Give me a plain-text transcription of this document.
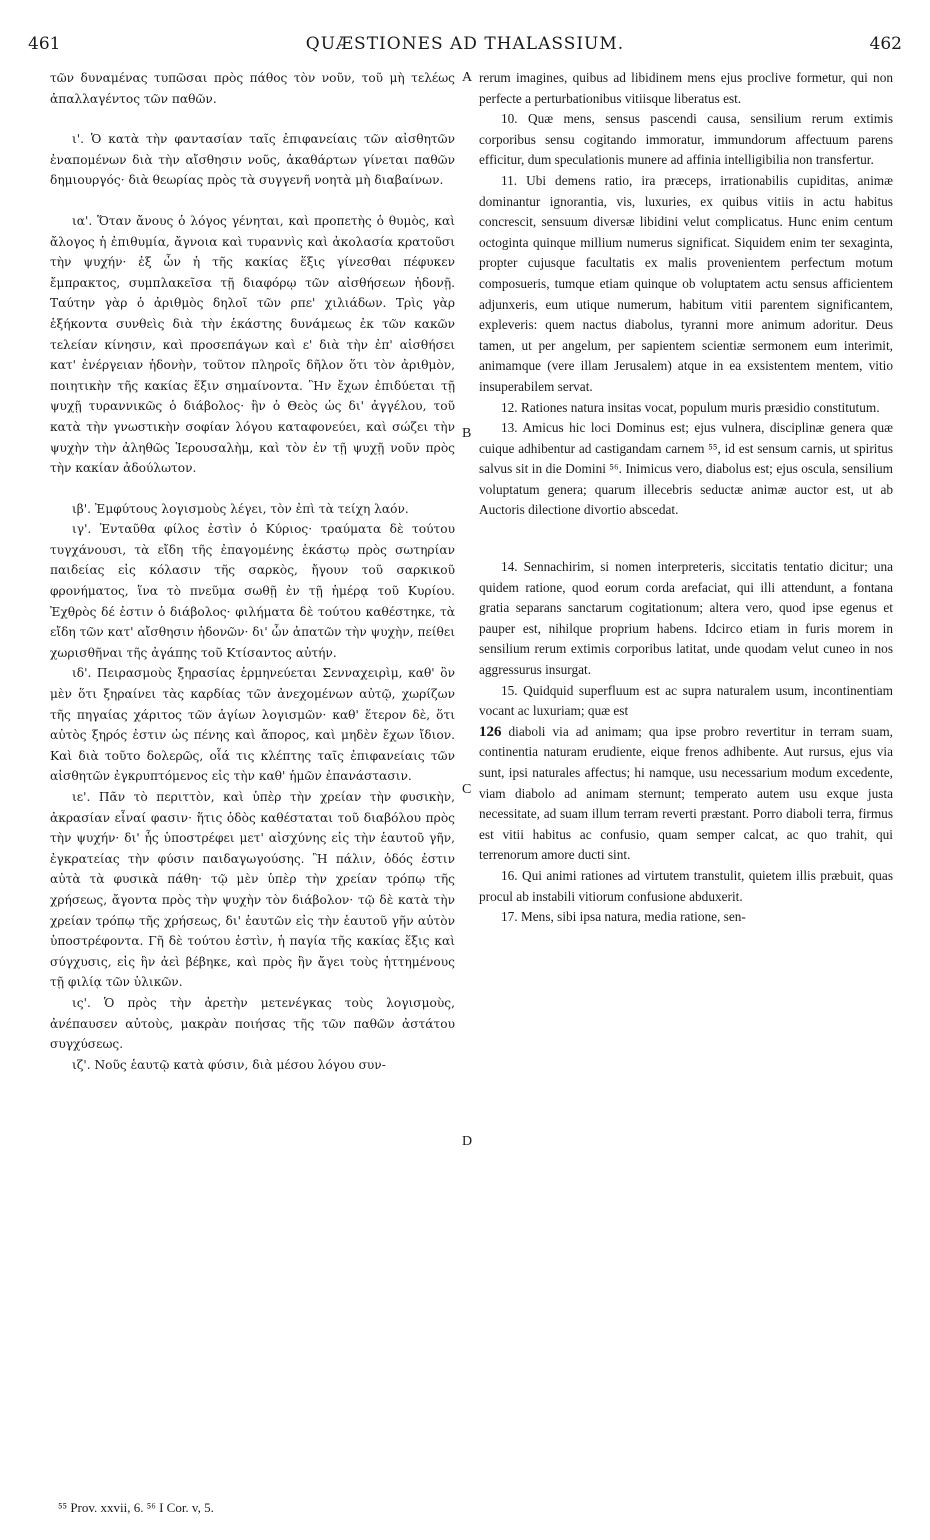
461	QUÆSTIONES AD THALASSIUM.	462
A
B
C
D

τῶν δυναμένας τυπῶσαι πρὸς πάθος τὸν νοῦν, τοῦ μὴ τελέως ἀπαλλαγέντος τῶν παθῶν.

ι'. Ὁ κατὰ τὴν φαντασίαν ταῖς ἐπιφανείαις τῶν αἰσθητῶν ἐναπομένων διὰ τὴν αἴσθησιν νοῦς, ἀκαθάρτων γίνεται παθῶν δημιουργός· διὰ θεωρίας πρὸς τὰ συγγενῆ νοητὰ μὴ διαβαίνων.

ια'. Ὅταν ἄνους ὁ λόγος γένηται, καὶ προπετὴς ὁ θυμὸς, καὶ ἄλογος ἡ ἐπιθυμία, ἄγνοια καὶ τυραννὶς καὶ ἀκολασία κρατοῦσι τὴν ψυχήν· ἐξ ὧν ἡ τῆς κακίας ἕξις γίνεσθαι πέφυκεν ἔμπρακτος, συμπλακεῖσα τῇ διαφόρῳ τῶν αἰσθήσεων ἡδονῇ. Ταύτην γὰρ ὁ ἀριθμὸς δηλοῖ τῶν ρπε' χιλιάδων. Τρὶς γὰρ ἑξήκοντα συνθεὶς διὰ τὴν ἑκάστης δυνάμεως ἐκ τῶν κακῶν τελείαν κίνησιν, καὶ προσεπάγων καὶ ε' διὰ τὴν ἐπ' αἰσθήσει κατ' ἐνέργειαν ἡδονὴν, τοῦτον πληροῖς δῆλον ὅτι τὸν ἀριθμὸν, ποιητικὴν τῆς κακίας ἕξιν σημαίνοντα. Ἣν ἔχων ἐπιδύεται τῇ ψυχῇ τυραννικῶς ὁ διάβολος· ἣν ὁ Θεὸς ὡς δι' ἀγγέλου, τοῦ κατὰ τὴν γνωστικὴν σοφίαν λόγου καταφονεύει, καὶ σώζει τὴν ψυχὴν τὴν ἀληθῶς Ἱερουσαλὴμ, καὶ τὸν ἐν τῇ ψυχῇ νοῦν πρὸς τὴν κακίαν ἀδούλωτον.

ιβ'. Ἐμφύτους λογισμοὺς λέγει, τὸν ἐπὶ τὰ τείχη λαόν.

ιγ'. Ἐνταῦθα φίλος ἐστὶν ὁ Κύριος· τραύματα δὲ τούτου τυγχάνουσι, τὰ εἴδη τῆς ἐπαγομένης ἑκάστῳ πρὸς σωτηρίαν παιδείας εἰς κόλασιν τῆς σαρκὸς, ἤγουν τοῦ σαρκικοῦ φρονήματος, ἵνα τὸ πνεῦμα σωθῇ ἐν τῇ ἡμέρᾳ τοῦ Κυρίου. Ἐχθρὸς δέ ἐστιν ὁ διάβολος· φιλήματα δὲ τούτου καθέστηκε, τὰ εἴδη τῶν κατ' αἴσθησιν ἡδονῶν· δι' ὧν ἀπατῶν τὴν ψυχὴν, πείθει χωρισθῆναι τῆς ἀγάπης τοῦ Κτίσαντος αὐτήν.

ιδ'. Πειρασμοὺς ξηρασίας ἑρμηνεύεται Σενναχειρὶμ, καθ' ὃν μὲν ὅτι ξηραίνει τὰς καρδίας τῶν ἀνεχομένων αὐτῷ, χωρίζων τῆς πηγαίας χάριτος τῶν ἁγίων λογισμῶν· καθ' ἕτερον δὲ, ὅτι αὐτὸς ξηρός ἐστιν ὡς πένης καὶ ἄπορος, καὶ μηδὲν ἔχων ἴδιον. Καὶ διὰ τοῦτο δολερῶς, οἷά τις κλέπτης ταῖς ἐπιφανείαις τῶν αἰσθητῶν ἐγκρυπτόμενος εἰς τὴν καθ' ἡμῶν ἐπανάστασιν.

ιε'. Πᾶν τὸ περιττὸν, καὶ ὑπὲρ τὴν χρείαν τὴν φυσικὴν, ἀκρασίαν εἶναί φασιν· ἥτις ὁδὸς καθέσταται τοῦ διαβόλου πρὸς τὴν ψυχήν· δι' ἧς ὑποστρέφει μετ' αἰσχύνης εἰς τὴν ἑαυτοῦ γῆν, ἐγκρατείας τὴν φύσιν παιδαγωγούσης. Ἢ πάλιν, ὁδός ἐστιν αὐτὰ τὰ φυσικὰ πάθη· τῷ μὲν ὑπὲρ τὴν χρείαν τρόπῳ τῆς χρήσεως, ἄγοντα πρὸς τὴν ψυχὴν τὸν διάβολον· τῷ δὲ κατὰ τὴν χρείαν τρόπῳ τῆς χρήσεως, δι' ἑαυτῶν εἰς τὴν ἑαυτοῦ γῆν αὐτὸν ὑποστρέφοντα. Γῆ δὲ τούτου ἐστὶν, ἡ παγία τῆς κακίας ἕξις καὶ σύγχυσις, εἰς ἣν ἀεὶ βέβηκε, καὶ πρὸς ἣν ἄγει τοὺς ἡττημένους τῇ φιλίᾳ τῶν ὑλικῶν.

ις'. Ὁ πρὸς τὴν ἀρετὴν μετενέγκας τοὺς λογισμοὺς, ἀνέπαυσεν αὐτοὺς, μακρὰν ποιήσας τῆς τῶν παθῶν ἀστάτου συγχύσεως.

ιζ'. Νοῦς ἑαυτῷ κατὰ φύσιν, διὰ μέσου λόγου συν-

rerum imagines, quibus ad libidinem mens ejus proclive formetur, qui non perfecte a perturbationibus vitiisque liberatus est.

10. Quæ mens, sensus pascendi causa, sensilium rerum extimis corporibus sensu cogitando immoratur, immundorum affectuum parens efficitur, dum speculationis munere ad affinia intelligibilia non transfertur.

11. Ubi demens ratio, ira præceps, irrationabilis cupiditas, animæ dominantur ignorantia, vis, luxuries, ex quibus vitiis in actu habitus concrescit, sensuum diversæ libidini velut complicatus. Hunc enim centum octoginta quinque millium numerus significat. Siquidem enim ter sexaginta, propter cujusque facultatis ex malis provenientem perfectum motum composueris, tumque etiam quinque ob voluptatem actu sensus afficientem adjunxeris, eum utique numerum, habitum vitii parentem significantem, expleveris: quem nactus diabolus, tyranni more animum adoritur. Deus tamen, ut per angelum, per sapientem scientiæ sermonem eum interimit, animamque (vere illam Jerusalem) atque in ea exsistentem mentem, vitio insuperabilem servat.

12. Rationes natura insitas vocat, populum muris præsidio constitutum.

13. Amicus hic loci Dominus est; ejus vulnera, disciplinæ genera quæ cuique adhibentur ad castigandam carnem ⁵⁵, id est sensum carnis, ut spiritus salvus sit in die Domini ⁵⁶. Inimicus vero, diabolus est; ejus oscula, sensilium voluptatum genera; quarum illecebris seductæ animæ auctor est, ut ab Auctoris dilectione divortio abscedat.

14. Sennachirim, si nomen interpreteris, siccitatis tentatio dicitur; una quidem ratione, quod eorum corda arefaciat, qui illi attendunt, a fontana gratia separans sanctarum cogitationum; altera vero, quod ipse egenus et pauper est, nihilque proprium habens. Idcirco etiam in furis morem in sensilium rerum extimis corporibus latitat, unde quodam velut cuneo in nos aggressurus insurgat.

15. Quidquid superfluum est ac supra naturalem usum, incontinentiam vocant ac luxuriam; quæ est

126 diaboli via ad animam; qua ipse probro revertitur in terram suam, continentia naturam erudiente, eique frenos adhibente. Aut rursus, ejus via sunt, ipsi naturales affectus; hi namque, usu necessarium modum excedente, viam diabolo ad animam sternunt; temperato autem usu exque justa necessitate, ad suam illum terram reverti præstant. Porro diaboli terra, firmus est vitii habitus ac confusio, quam semper calcat, ac quo trahit, qui terrenorum amore ducti sint.

16. Qui animi rationes ad virtutem transtulit, quietem illis præbuit, quas procul ab instabili vitiorum confusione abduxerit.

17. Mens, sibi ipsa natura, media ratione, sen-

⁵⁵ Prov. xxvii, 6. ⁵⁶ I Cor. v, 5.
